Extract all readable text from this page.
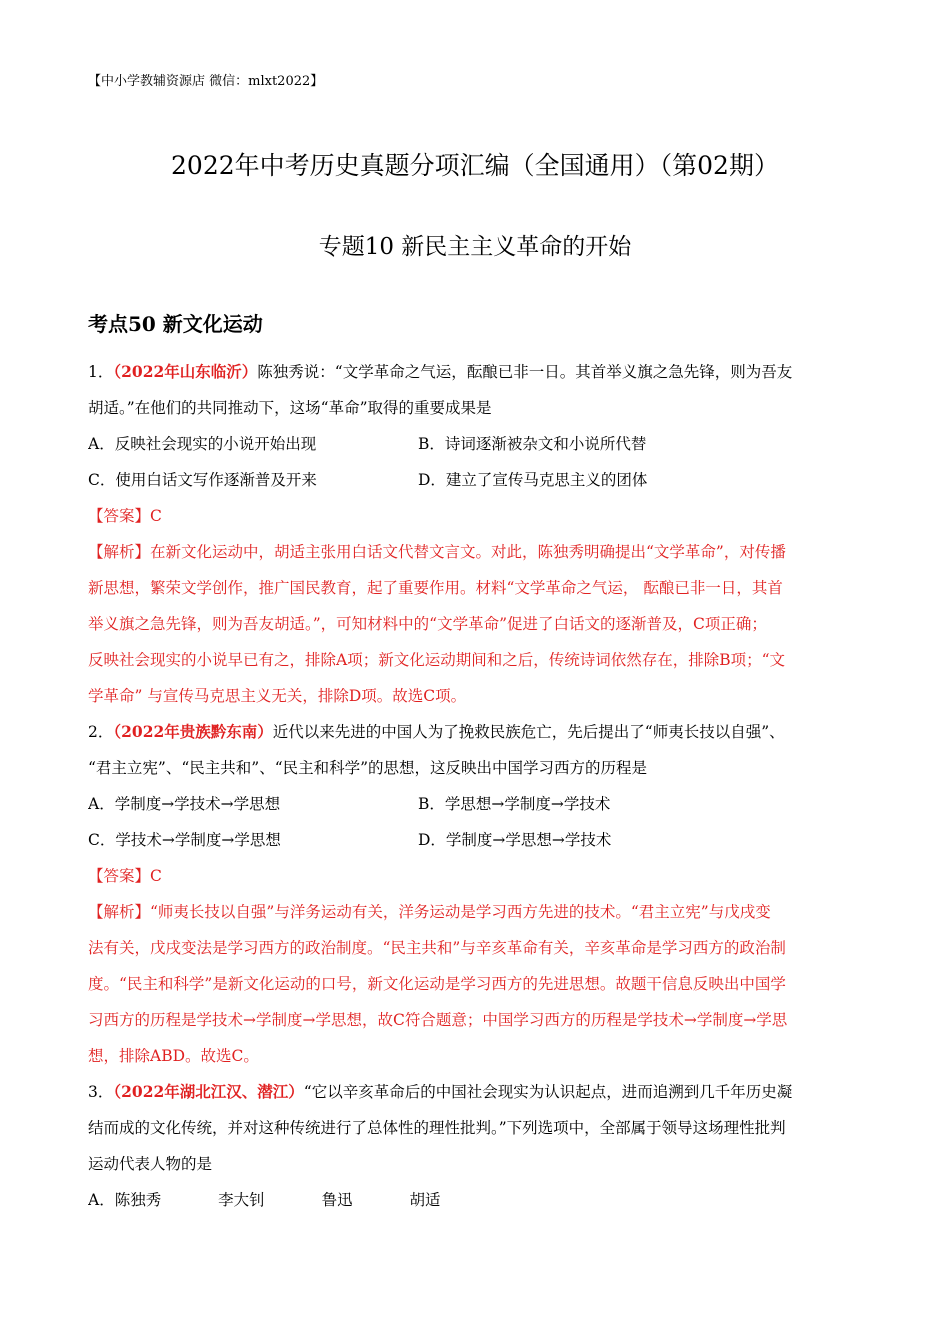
【中小学教辅资源店 微信：mlxt2022】
2022年中考历史真题分项汇编（全国通用）（第02期）
专题10 新民主主义革命的开始
考点50 新文化运动
1．（2022年山东临沂）陈独秀说：“文学革命之气运，酝酿已非一日。其首举义旗之急先锋，则为吾友
胡适。”在他们的共同推动下，这场“革命”取得的重要成果是
A．反映社会现实的小说开始出现	B．诗词逐渐被杂文和小说所代替
C．使用白话文写作逐渐普及开来	D．建立了宣传马克思主义的团体
【答案】C
【解析】在新文化运动中，胡适主张用白话文代替文言文。对此，陈独秀明确提出“文学革命”，对传播
新思想，繁荣文学创作，推广国民教育，起了重要作用。材料“文学革命之气运， 酝酿已非一日，其首
举义旗之急先锋，则为吾友胡适。”，可知材料中的“文学革命”促进了白话文的逐渐普及，C项正确；
反映社会现实的小说早已有之，排除A项；新文化运动期间和之后，传统诗词依然存在，排除B项；“文
学革命” 与宣传马克思主义无关，排除D项。故选C项。
2．（2022年贵族黔东南）近代以来先进的中国人为了挽救民族危亡，先后提出了“师夷长技以自强”、
“君主立宪”、“民主共和”、“民主和科学”的思想，这反映出中国学习西方的历程是
A．学制度→学技术→学思想	B．学思想→学制度→学技术
C．学技术→学制度→学思想	D．学制度→学思想→学技术
【答案】C
【解析】“师夷长技以自强”与洋务运动有关，洋务运动是学习西方先进的技术。“君主立宪”与戊戌变
法有关，戊戌变法是学习西方的政治制度。“民主共和”与辛亥革命有关，辛亥革命是学习西方的政治制
度。“民主和科学”是新文化运动的口号，新文化运动是学习西方的先进思想。故题干信息反映出中国学
习西方的历程是学技术→学制度→学思想，故C符合题意；中国学习西方的历程是学技术→学制度→学思
想，排除ABD。故选C。
3．（2022年湖北江汉、潜江）“它以辛亥革命后的中国社会现实为认识起点，进而追溯到几千年历史凝
结而成的文化传统，并对这种传统进行了总体性的理性批判。”下列选项中，全部属于领导这场理性批判
运动代表人物的是
A．陈独秀	李大钊	鲁迅	胡适
